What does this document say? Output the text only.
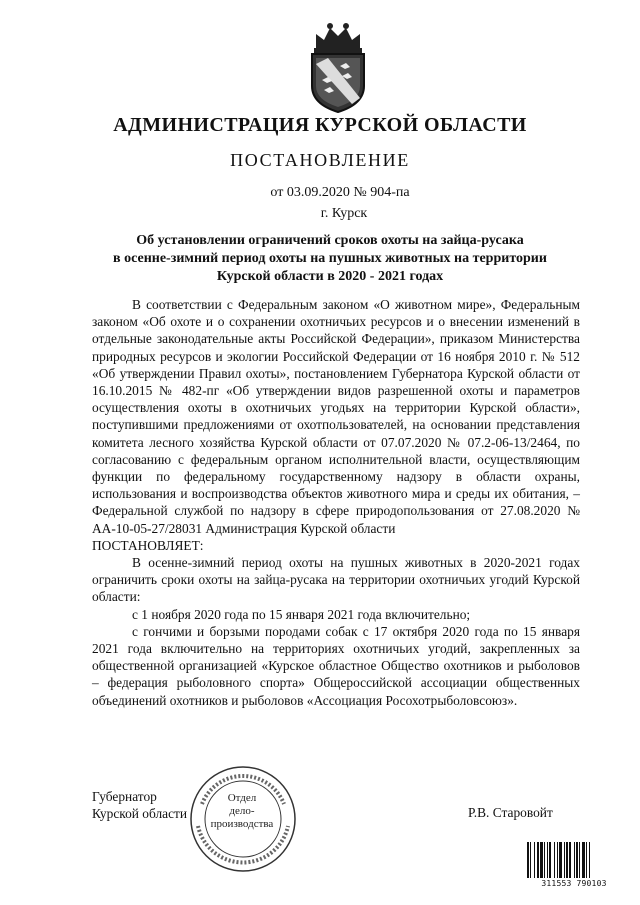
АДМИНИСТРАЦИЯ КУРСКОЙ ОБЛАСТИ
ПОСТАНОВЛЕНИЕ
от 03.09.2020 № 904-па
г. Курск
Об установлении ограничений сроков охоты на зайца-русака
в осенне-зимний период охоты на пушных животных на территории
Курской области в 2020 - 2021 годах

В соответствии с Федеральным законом «О животном мире», Федеральным законом «Об охоте и о сохранении охотничьих ресурсов и о внесении изменений в отдельные законодательные акты Российской Федерации», приказом Министерства природных ресурсов и экологии Российской Федерации от 16 ноября 2010 г. № 512 «Об утверждении Правил охоты», постановлением Губернатора Курской области от 16.10.2015 № 482-пг «Об утверждении видов разрешенной охоты и параметров осуществления охоты в охотничьих угодьях на территории Курской области», поступившими предложениями от охотпользователей, на основании представления комитета лесного хозяйства Курской области от 07.07.2020 № 07.2-06-13/2464, по согласованию с федеральным органом исполнительной власти, осуществляющим функции по федеральному государственному надзору в области охраны, использования и воспроизводства объектов животного мира и среды их обитания, – Федеральной службой по надзору в сфере природопользования от 27.08.2020 № АА-10-05-27/28031 Администрация Курской области

ПОСТАНОВЛЯЕТ:

В осенне-зимний период охоты на пушных животных в 2020-2021 годах ограничить сроки охоты на зайца-русака на территории охотничьих угодий Курской области:

с 1 ноября 2020 года по 15 января 2021 года включительно;

с гончими и борзыми породами собак с 17 октября 2020 года по 15 января 2021 года включительно на территориях охотничьих угодий, закрепленных за общественной организацией «Курское областное Общество охотников и рыболовов – федерация рыболовного спорта» Общероссийской ассоциации общественных объединений охотников и рыболовов «Ассоциация Росохотрыболовсоюз».

Губернатор
Курской области	Р.В. Старовойт
Отдел
дело-
производства
311553 790103
